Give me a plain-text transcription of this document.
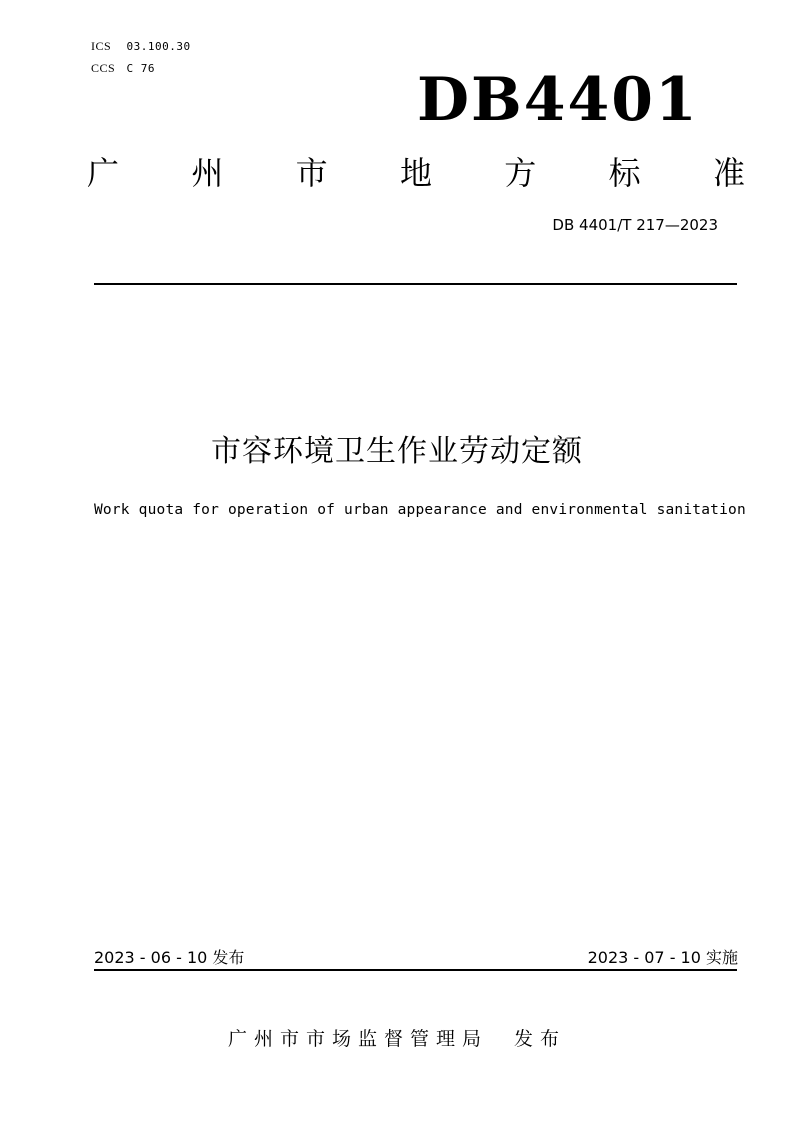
ICS 03.100.30
CCS C 76	DB4401
广 州 市 地 方 标 准
DB 4401/T 217—2023
市容环境卫生作业劳动定额
Work quota for operation of urban appearance and environmental sanitation
2023 - 06 - 10 发布	2023 - 07 - 10 实施
广州市市场监督管理局 发布
